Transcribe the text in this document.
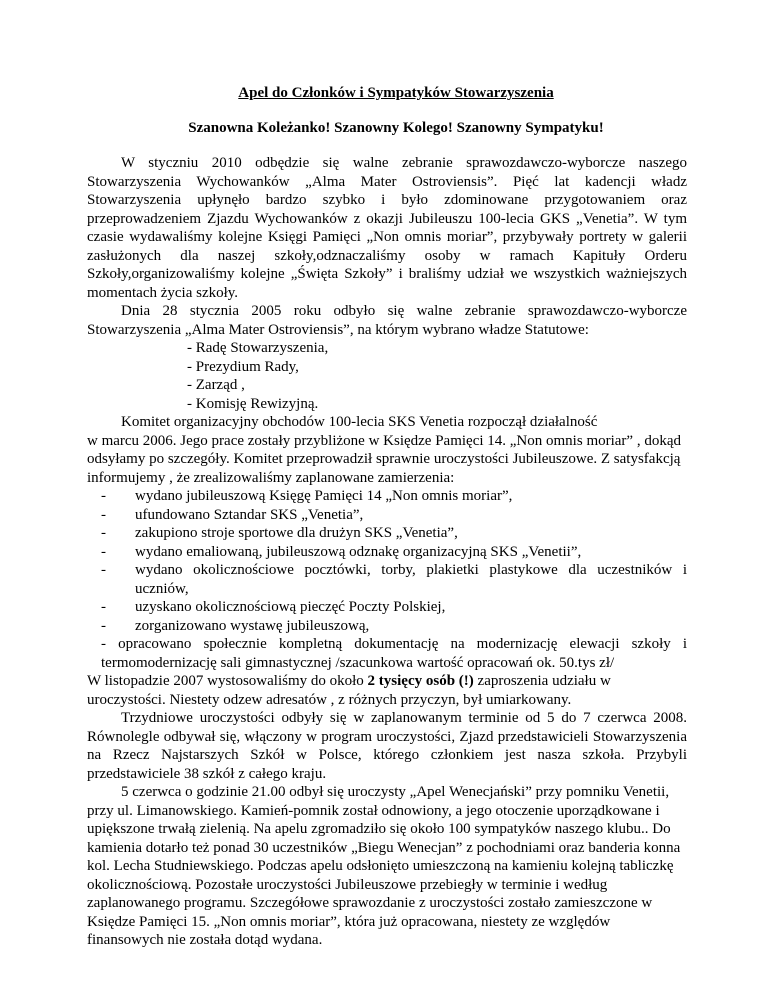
Apel do Członków i Sympatyków Stowarzyszenia

Szanowna Koleżanko! Szanowny Kolego! Szanowny Sympatyku!

W styczniu 2010 odbędzie się walne zebranie sprawozdawczo-wyborcze naszego Stowarzyszenia Wychowanków „Alma Mater Ostroviensis”. Pięć lat kadencji władz Stowarzyszenia upłynęło bardzo szybko i było zdominowane przygotowaniem oraz przeprowadzeniem Zjazdu Wychowanków z okazji Jubileuszu 100-lecia GKS „Venetia”. W tym czasie wydawaliśmy kolejne Księgi Pamięci „Non omnis moriar”, przybywały portrety w galerii zasłużonych dla naszej szkoły,odznaczaliśmy osoby w ramach Kapituły Orderu Szkoły,organizowaliśmy kolejne „Święta Szkoły” i braliśmy udział we wszystkich ważniejszych momentach życia szkoły.

Dnia 28 stycznia 2005 roku odbyło się walne zebranie sprawozdawczo-wyborcze Stowarzyszenia „Alma Mater Ostroviensis”, na którym wybrano władze Statutowe:

- Radę Stowarzyszenia,

- Prezydium Rady,

- Zarząd ,

- Komisję Rewizyjną.

Komitet organizacyjny obchodów 100-lecia SKS Venetia rozpoczął działalność

w marcu 2006. Jego prace zostały przybliżone w Księdze Pamięci 14. „Non omnis moriar” , dokąd odsyłamy po szczegóły. Komitet przeprowadził sprawnie uroczystości Jubileuszowe. Z satysfakcją informujemy , że zrealizowaliśmy zaplanowane zamierzenia:

-	wydano jubileuszową Księgę Pamięci 14 „Non omnis moriar”,
-	ufundowano Sztandar SKS „Venetia”,
-	zakupiono stroje sportowe dla drużyn SKS „Venetia”,
-	wydano emaliowaną, jubileuszową odznakę organizacyjną SKS „Venetii”,
-	wydano okolicznościowe pocztówki, torby, plakietki plastykowe dla uczestników i uczniów,
-	uzyskano okolicznościową pieczęć Poczty Polskiej,
-	zorganizowano wystawę jubileuszową,

- opracowano społecznie kompletną dokumentację na modernizację elewacji szkoły i termomodernizację sali gimnastycznej /szacunkowa wartość opracowań ok. 50.tys zł/

W listopadzie 2007 wystosowaliśmy do około 2 tysięcy osób (!) zaproszenia udziału w uroczystości. Niestety odzew adresatów , z różnych przyczyn, był umiarkowany.

Trzydniowe uroczystości odbyły się w zaplanowanym terminie od 5 do 7 czerwca 2008. Równolegle odbywał się, włączony w program uroczystości, Zjazd przedstawicieli Stowarzyszenia na Rzecz Najstarszych Szkół w Polsce, którego członkiem jest nasza szkoła. Przybyli przedstawiciele 38 szkół z całego kraju.

5 czerwca o godzinie 21.00 odbył się uroczysty „Apel Wenecjański” przy pomniku Venetii, przy ul. Limanowskiego. Kamień-pomnik został odnowiony, a jego otoczenie uporządkowane i upiększone trwałą zielenią. Na apelu zgromadziło się około 100 sympatyków naszego klubu.. Do kamienia dotarło też ponad 30 uczestników „Biegu Wenecjan” z pochodniami oraz banderia konna kol. Lecha Studniewskiego. Podczas apelu odsłonięto umieszczoną na kamieniu kolejną tabliczkę okolicznościową. Pozostałe uroczystości Jubileuszowe przebiegły w terminie i według zaplanowanego programu. Szczegółowe sprawozdanie z uroczystości zostało zamieszczone w Księdze Pamięci 15. „Non omnis moriar”, która już opracowana, niestety ze względów finansowych nie została dotąd wydana.
